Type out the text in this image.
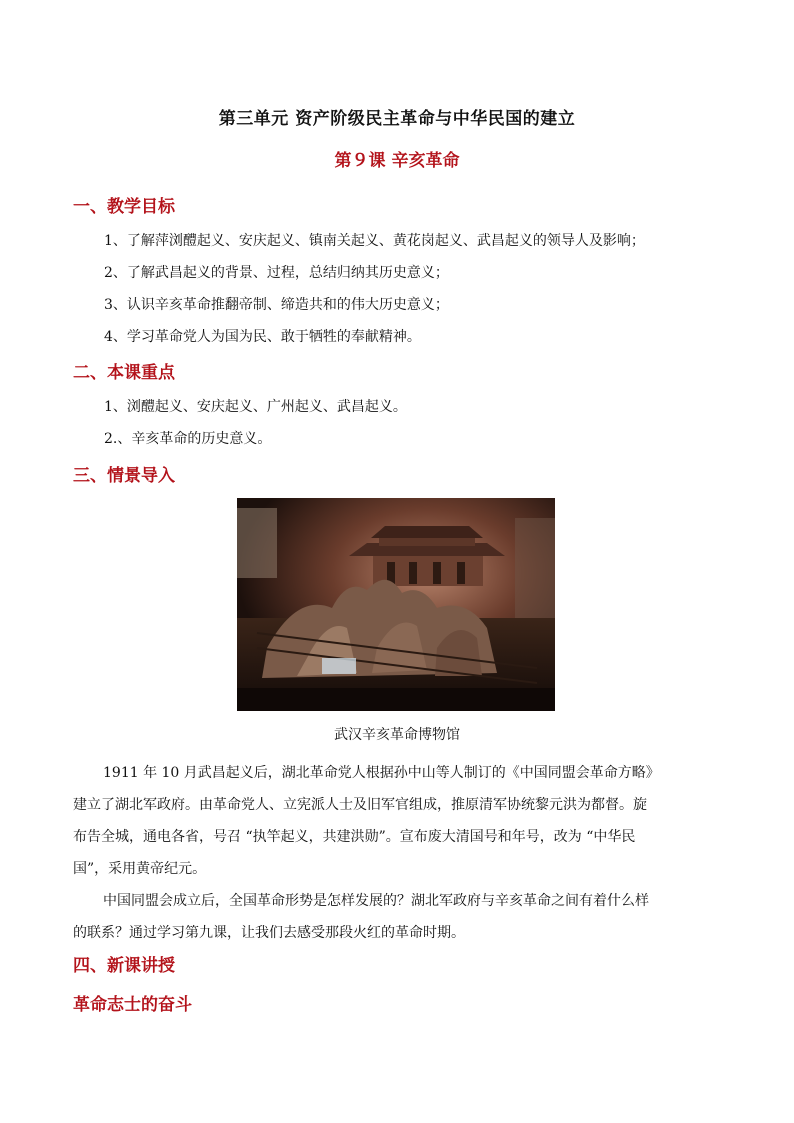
第三单元 资产阶级民主革命与中华民国的建立
第９课 辛亥革命
一、教学目标
1、了解萍浏醴起义、安庆起义、镇南关起义、黄花岗起义、武昌起义的领导人及影响；
2、了解武昌起义的背景、过程，总结归纳其历史意义；
3、认识辛亥革命推翻帝制、缔造共和的伟大历史意义；
4、学习革命党人为国为民、敢于牺牲的奉献精神。
二、本课重点
1、浏醴起义、安庆起义、广州起义、武昌起义。
2.、辛亥革命的历史意义。
三、情景导入
武汉辛亥革命博物馆
1911 年 10 月武昌起义后，湖北革命党人根据孙中山等人制订的《中国同盟会革命方略》
建立了湖北军政府。由革命党人、立宪派人士及旧军官组成，推原清军协统黎元洪为都督。旋
布告全城，通电各省，号召 “执竿起义，共建洪勋”。宣布废大清国号和年号，改为 “中华民
国”，采用黄帝纪元。
中国同盟会成立后，全国革命形势是怎样发展的？湖北军政府与辛亥革命之间有着什么样
的联系？通过学习第九课，让我们去感受那段火红的革命时期。
四、新课讲授
革命志士的奋斗
